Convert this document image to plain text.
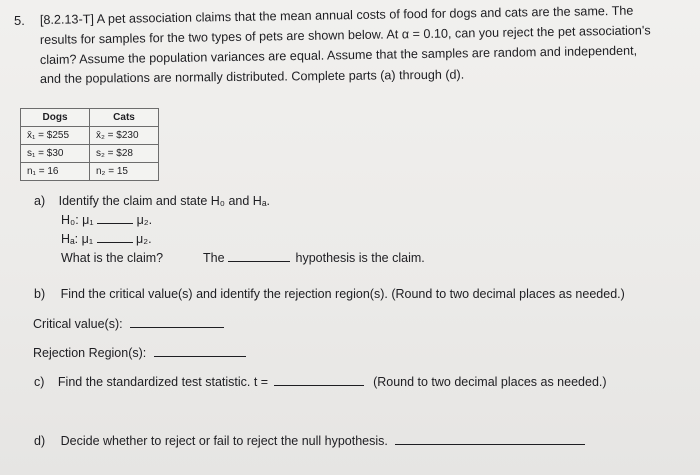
5. [8.2.13-T] A pet association claims that the mean annual costs of food for dogs and cats are the same. The
results for samples for the two types of pets are shown below. At α = 0.10, can you reject the pet association's
claim? Assume the population variances are equal. Assume that the samples are random and independent,
and the populations are normally distributed. Complete parts (a) through (d).
Dogs	Cats
x̄₁ = $255	x̄₂ = $230
s₁ = $30	s₂ = $28
n₁ = 16	n₂ = 15
a) Identify the claim and state H₀ and Hₐ.
H₀: μ₁	μ₂.
Hₐ: μ₁	μ₂.
What is the claim?	The	hypothesis is the claim.
b) Find the critical value(s) and identify the rejection region(s). (Round to two decimal places as needed.)
Critical value(s):
Rejection Region(s):
c) Find the standardized test statistic. t =	(Round to two decimal places as needed.)
d) Decide whether to reject or fail to reject the null hypothesis.
